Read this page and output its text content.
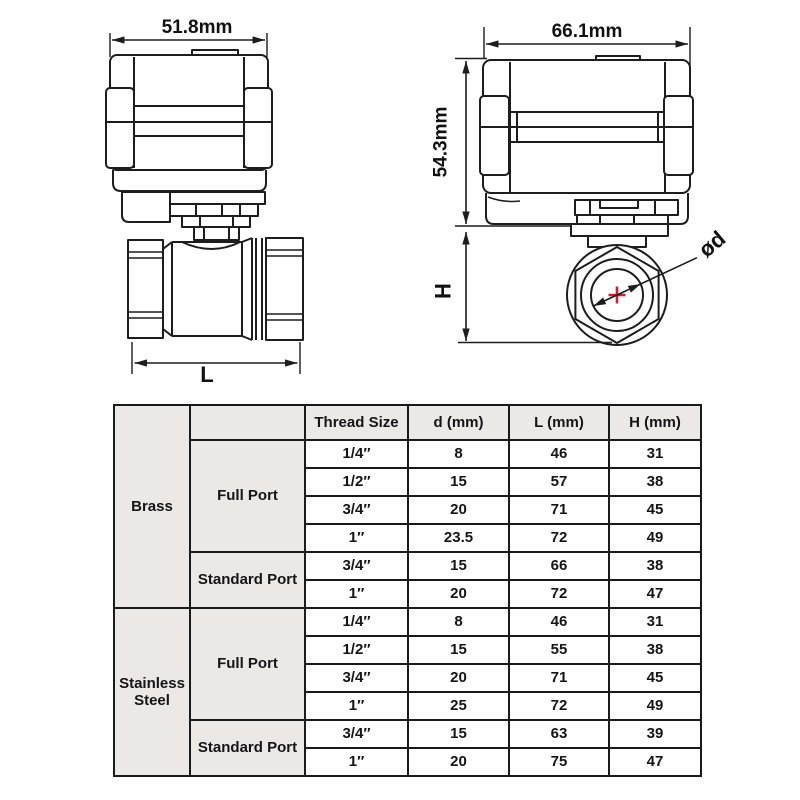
51.8mm
L
66.1mm
54.3mm
H
ød
Brass		Thread Size	d (mm)	L (mm)	H (mm)
	Full Port	1/4″	8	46	31
		1/2″	15	57	38
		3/4″	20	71	45
		1″	23.5	72	49
	Standard Port	3/4″	15	66	38
		1″	20	72	47
Stainless Steel	Full Port	1/4″	8	46	31
		1/2″	15	55	38
		3/4″	20	71	45
		1″	25	72	49
	Standard Port	3/4″	15	63	39
		1″	20	75	47
